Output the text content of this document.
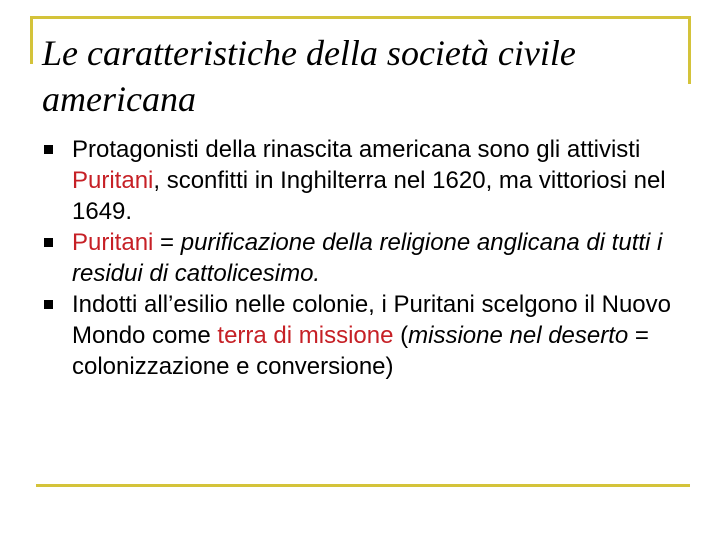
Le caratteristiche della società civile americana
Protagonisti della rinascita americana sono gli attivisti Puritani, sconfitti in Inghilterra nel 1620, ma vittoriosi nel 1649.
Puritani = purificazione della religione anglicana di tutti i residui di cattolicesimo.
Indotti all’esilio nelle colonie, i Puritani scelgono il Nuovo Mondo come terra di missione (missione nel deserto = colonizzazione e conversione)
